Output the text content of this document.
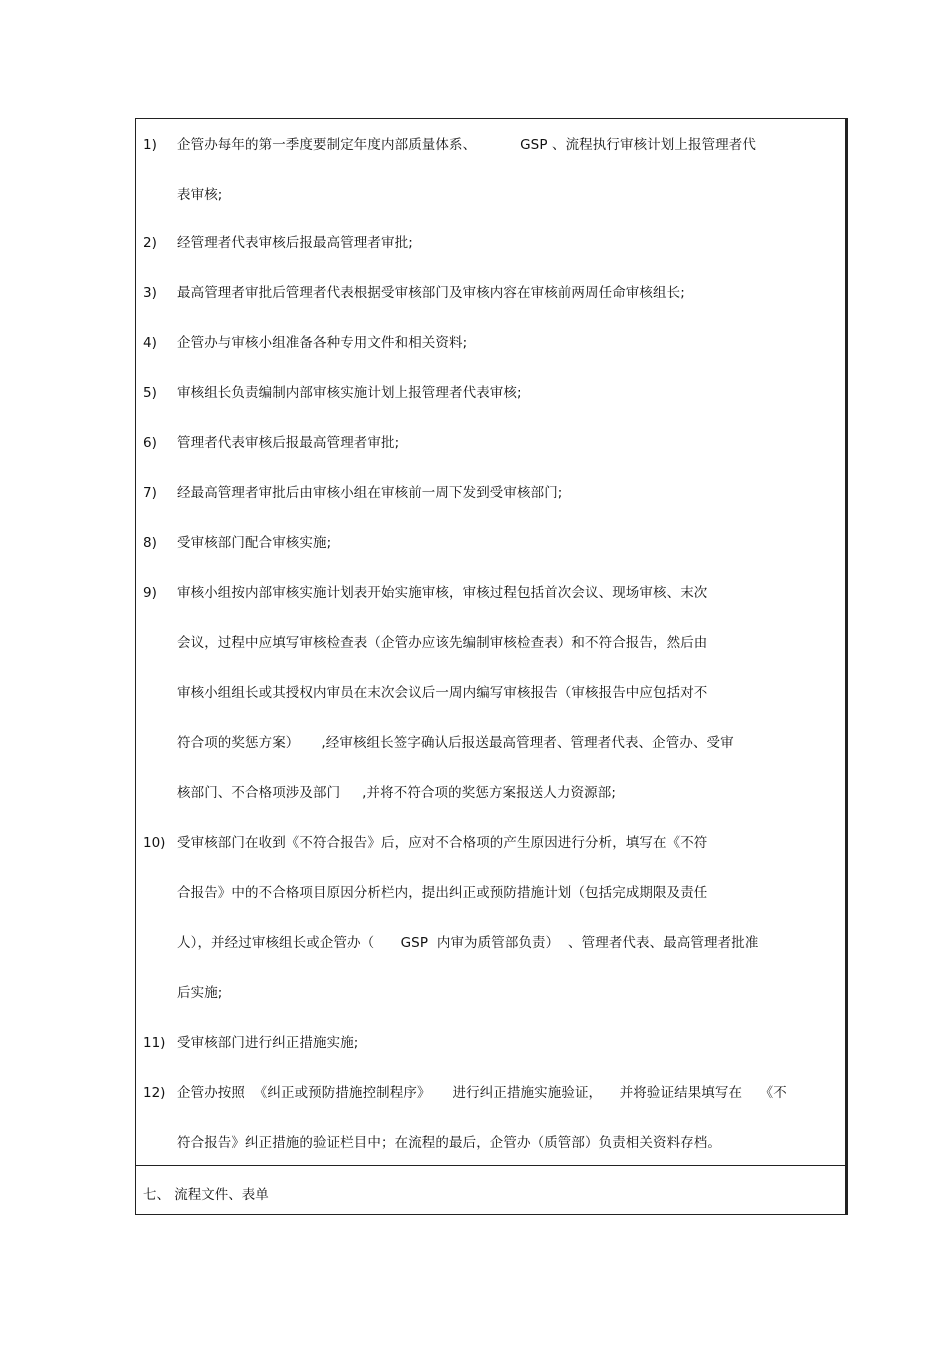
1) 企管办每年的第一季度要制定年度内部质量体系、          GSP 、流程执行审核计划上报管理者代
表审核;
2) 经管理者代表审核后报最高管理者审批;
3) 最高管理者审批后管理者代表根据受审核部门及审核内容在审核前两周任命审核组长;
4) 企管办与审核小组准备各种专用文件和相关资料;
5) 审核组长负责编制内部审核实施计划上报管理者代表审核;
6) 管理者代表审核后报最高管理者审批;
7) 经最高管理者审批后由审核小组在审核前一周下发到受审核部门;
8) 受审核部门配合审核实施;
9) 审核小组按内部审核实施计划表开始实施审核，审核过程包括首次会议、现场审核、末次
会议，过程中应填写审核检查表（企管办应该先编制审核检查表）和不符合报告，然后由
审核小组组长或其授权内审员在末次会议后一周内编写审核报告（审核报告中应包括对不
符合项的奖惩方案）     ,经审核组长签字确认后报送最高管理者、管理者代表、企管办、受审
核部门、不合格项涉及部门     ,并将不符合项的奖惩方案报送人力资源部;
10) 受审核部门在收到《不符合报告》后，应对不合格项的产生原因进行分析，填写在《不符
合报告》中的不合格项目原因分析栏内，提出纠正或预防措施计划（包括完成期限及责任
人），并经过审核组长或企管办（      GSP  内审为质管部负责）  、管理者代表、最高管理者批准
后实施;
11) 受审核部门进行纠正措施实施;
12) 企管办按照  《纠正或预防措施控制程序》     进行纠正措施实施验证，    并将验证结果填写在    《不
符合报告》纠正措施的验证栏目中；在流程的最后，企管办（质管部）负责相关资料存档。
七、 流程文件、表单
